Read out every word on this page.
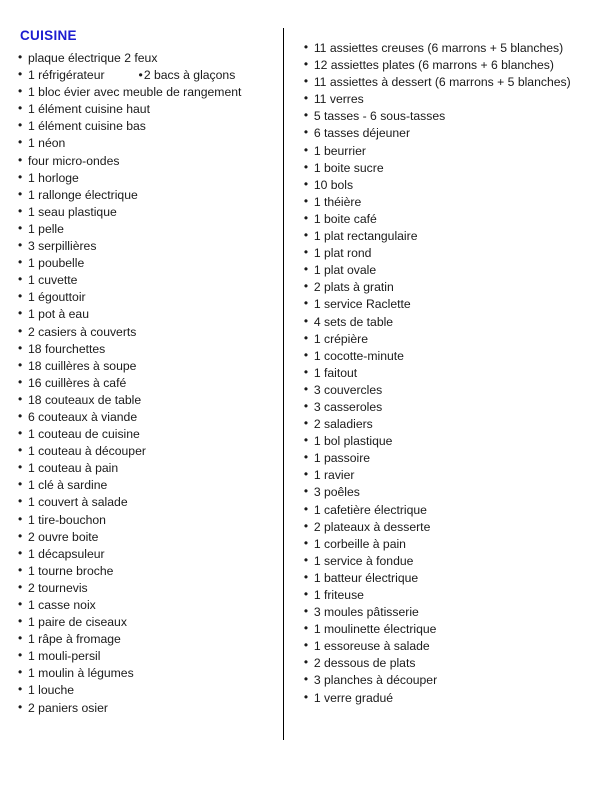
CUISINE
• plaque électrique 2 feux
• 1 réfrigérateur	•2 bacs à glaçons
• 1 bloc évier avec meuble de rangement
• 1 élément cuisine haut
• 1 élément cuisine bas
• 1 néon
• four micro-ondes
• 1 horloge
• 1 rallonge électrique
• 1 seau plastique
• 1 pelle
• 3 serpillières
• 1 poubelle
• 1 cuvette
• 1 égouttoir
• 1 pot à eau
• 2 casiers à couverts
• 18 fourchettes
• 18 cuillères à soupe
• 16 cuillères à café
• 18 couteaux de table
• 6 couteaux à viande
• 1 couteau de cuisine
• 1 couteau à découper
• 1 couteau à pain
• 1 clé à sardine
• 1 couvert à salade
• 1 tire-bouchon
• 2 ouvre boite
• 1 décapsuleur
• 1 tourne broche
• 2 tournevis
• 1 casse noix
• 1 paire de ciseaux
• 1 râpe à fromage
• 1 mouli-persil
• 1 moulin à légumes
• 1 louche
• 2 paniers osier
• 11 assiettes creuses (6 marrons + 5 blanches)
• 12 assiettes plates (6 marrons + 6 blanches)
• 11 assiettes à dessert (6 marrons + 5 blanches)
• 11 verres
• 5 tasses - 6 sous-tasses
• 6 tasses déjeuner
• 1 beurrier
• 1 boite sucre
• 10 bols
• 1 théière
• 1 boite café
• 1 plat rectangulaire
• 1 plat rond
• 1 plat ovale
• 2 plats à gratin
• 1 service Raclette
• 4 sets de table
• 1 crépière
• 1 cocotte-minute
• 1 faitout
• 3 couvercles
• 3 casseroles
• 2 saladiers
• 1 bol plastique
• 1 passoire
• 1 ravier
• 3 poêles
• 1 cafetière électrique
• 2 plateaux à desserte
• 1 corbeille à pain
• 1 service à fondue
• 1 batteur électrique
• 1 friteuse
• 3 moules pâtisserie
• 1 moulinette électrique
• 1 essoreuse à salade
• 2 dessous de plats
• 3 planches à découper
• 1 verre gradué
